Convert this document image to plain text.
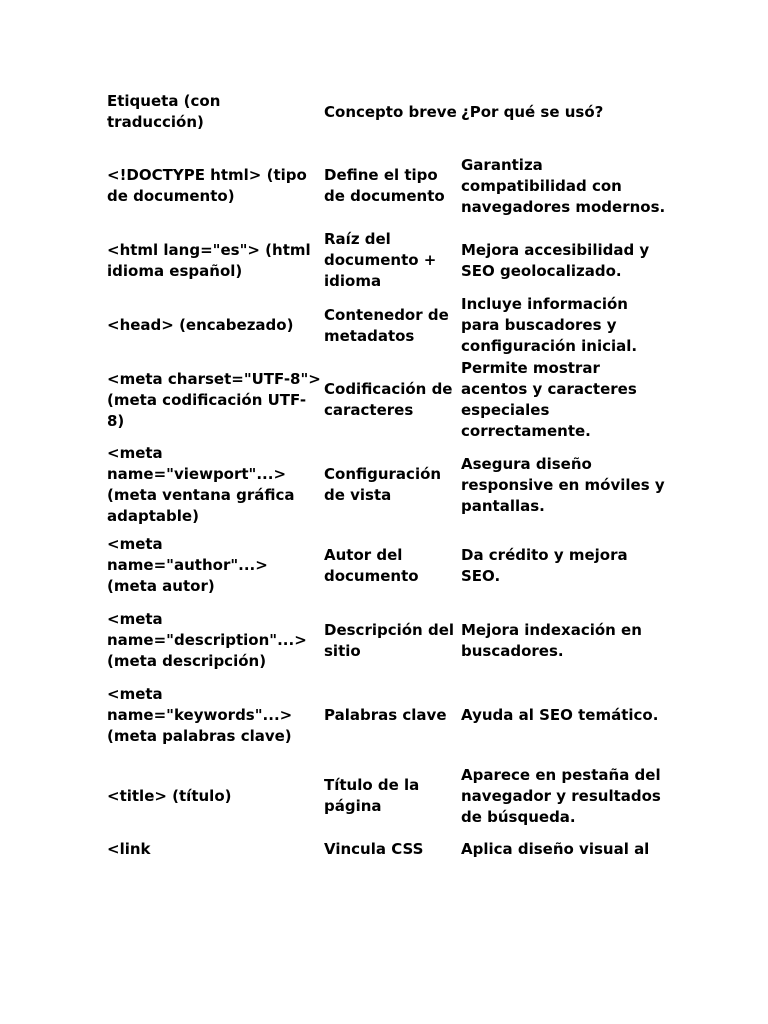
Etiqueta (con traducción)	Concepto breve	¿Por qué se usó?
<!DOCTYPE html> (tipo de documento)	Define el tipo de documento	Garantiza compatibilidad con navegadores modernos.
<html lang="es"> (html idioma español)	Raíz del documento + idioma	Mejora accesibilidad y SEO geolocalizado.
<head> (encabezado)	Contenedor de metadatos	Incluye información para buscadores y configuración inicial.
<meta charset="UTF-8"> (meta codificación UTF-8)	Codificación de caracteres	Permite mostrar acentos y caracteres especiales correctamente.
<meta name="viewport"...> (meta ventana gráfica adaptable)	Configuración de vista	Asegura diseño responsive en móviles y pantallas.
<meta name="author"...> (meta autor)	Autor del documento	Da crédito y mejora SEO.
<meta name="description"...> (meta descripción)	Descripción del sitio	Mejora indexación en buscadores.
<meta name="keywords"...> (meta palabras clave)	Palabras clave	Ayuda al SEO temático.
<title> (título)	Título de la página	Aparece en pestaña del navegador y resultados de búsqueda.
<link	Vincula CSS	Aplica diseño visual al
